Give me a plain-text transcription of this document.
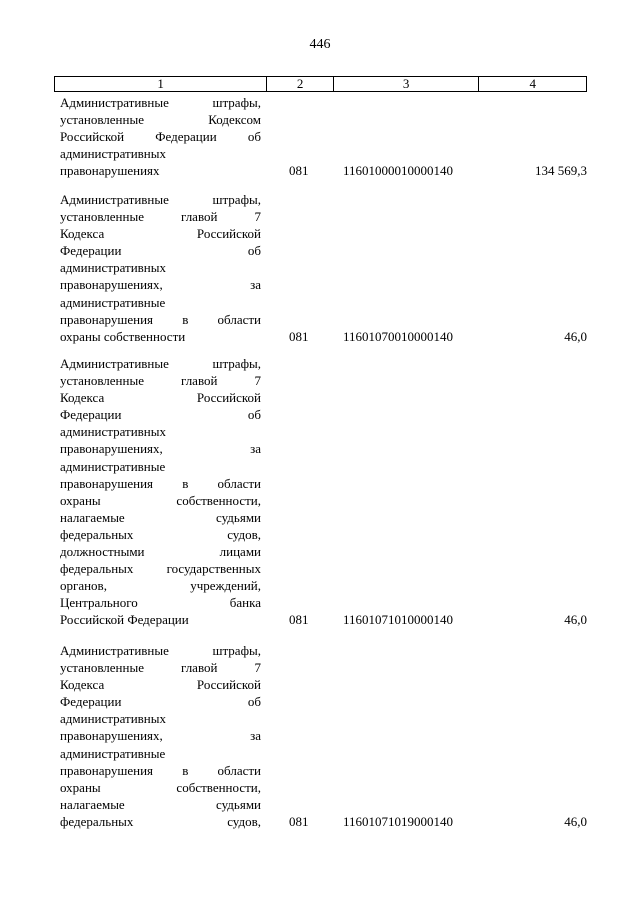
446
1	2	3	4
Административные штрафы,
установленные Кодексом
Российской Федерации об
административных
правонарушениях	081	11601000010000140	134 569,3
Административные штрафы,
установленные главой 7
Кодекса Российской
Федерации об
административных
правонарушениях, за
административные
правонарушения в области
охраны собственности	081	11601070010000140	46,0
Административные штрафы,
установленные главой 7
Кодекса Российской
Федерации об
административных
правонарушениях, за
административные
правонарушения в области
охраны собственности,
налагаемые судьями
федеральных судов,
должностными лицами
федеральных государственных
органов, учреждений,
Центрального банка
Российской Федерации	081	11601071010000140	46,0
Административные штрафы,
установленные главой 7
Кодекса Российской
Федерации об
административных
правонарушениях, за
административные
правонарушения в области
охраны собственности,
налагаемые судьями
федеральных судов, 081	11601071019000140	46,0
